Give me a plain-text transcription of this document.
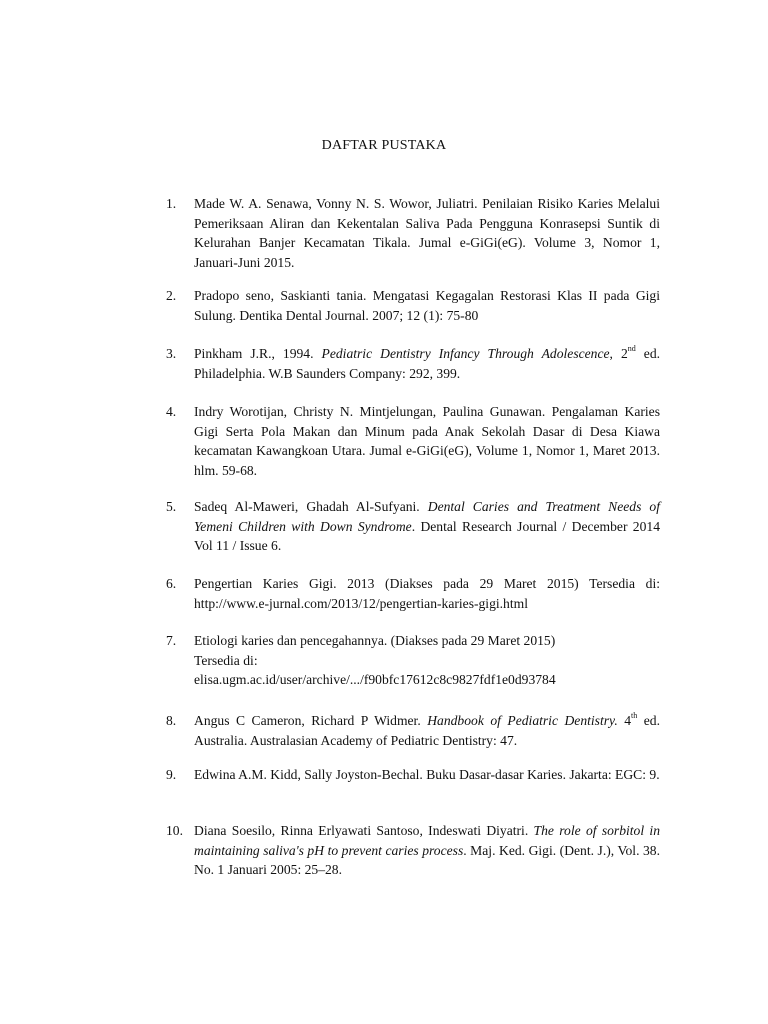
DAFTAR PUSTAKA
1.	Made W. A. Senawa, Vonny N. S. Wowor, Juliatri. Penilaian Risiko Karies Melalui Pemeriksaan Aliran dan Kekentalan Saliva Pada Pengguna Konrasepsi Suntik di Kelurahan Banjer Kecamatan Tikala. Jumal e-GiGi(eG). Volume 3, Nomor 1, Januari-Juni 2015.
2.	Pradopo seno, Saskianti tania. Mengatasi Kegagalan Restorasi Klas II pada Gigi Sulung. Dentika Dental Journal. 2007; 12 (1): 75-80
3.	Pinkham J.R., 1994. Pediatric Dentistry Infancy Through Adolescence, 2nd ed. Philadelphia. W.B Saunders Company: 292, 399.
4.	Indry Worotijan, Christy N. Mintjelungan, Paulina Gunawan. Pengalaman Karies Gigi Serta Pola Makan dan Minum pada Anak Sekolah Dasar di Desa Kiawa kecamatan Kawangkoan Utara. Jumal e-GiGi(eG), Volume 1, Nomor 1, Maret 2013. hlm. 59-68.
5.	Sadeq Al-Maweri, Ghadah Al-Sufyani. Dental Caries and Treatment Needs of Yemeni Children with Down Syndrome. Dental Research Journal / December 2014 Vol 11 / Issue 6.
6.	Pengertian Karies Gigi. 2013 (Diakses pada 29 Maret 2015) Tersedia di: http://www.e-jurnal.com/2013/12/pengertian-karies-gigi.html
7.	Etiologi karies dan pencegahannya. (Diakses pada 29 Maret 2015)
Tersedia di:
elisa.ugm.ac.id/user/archive/.../f90bfc17612c8c9827fdf1e0d93784
8.	Angus C Cameron, Richard P Widmer. Handbook of Pediatric Dentistry. 4th ed. Australia. Australasian Academy of Pediatric Dentistry: 47.
9.	Edwina A.M. Kidd, Sally Joyston-Bechal. Buku Dasar-dasar Karies. Jakarta: EGC: 9.
10. Diana Soesilo, Rinna Erlyawati Santoso, Indeswati Diyatri. The role of sorbitol in maintaining saliva's pH to prevent caries process. Maj. Ked. Gigi. (Dent. J.), Vol. 38. No. 1 Januari 2005: 25–28.
